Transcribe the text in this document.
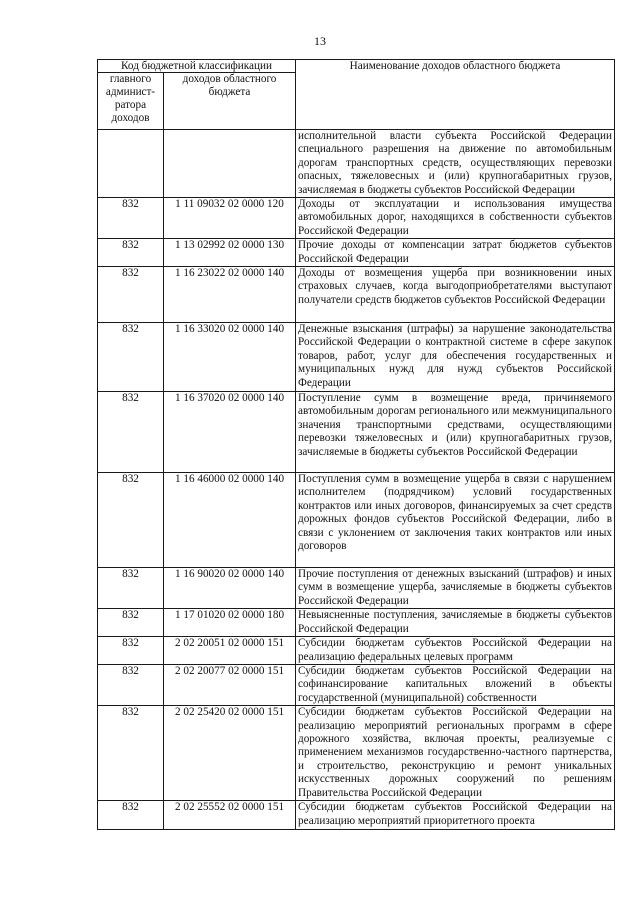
13
Код бюджетной классификации		Наименование доходов областного бюджета
главного админист-ратора доходов	доходов областного бюджета	
		исполнительной власти субъекта Российской Федерации специального разрешения на движение по автомобильным дорогам транспортных средств, осуществляющих перевозки опасных, тяжеловесных и (или) крупногабаритных грузов, зачисляемая в бюджеты субъектов Российской Федерации
832	1 11 09032 02 0000 120	Доходы от эксплуатации и использования имущества автомобильных дорог, находящихся в собственности субъектов Российской Федерации
832	1 13 02992 02 0000 130	Прочие доходы от компенсации затрат бюджетов субъектов Российской Федерации
832	1 16 23022 02 0000 140	Доходы от возмещения ущерба при возникновении иных страховых случаев, когда выгодоприобретателями выступают получатели средств бюджетов субъектов Российской Федерации
832	1 16 33020 02 0000 140	Денежные взыскания (штрафы) за нарушение законодательства Российской Федерации о контрактной системе в сфере закупок товаров, работ, услуг для обеспечения государственных и муниципальных нужд для нужд субъектов Российской Федерации
832	1 16 37020 02 0000 140	Поступление сумм в возмещение вреда, причиняемого автомобильным дорогам регионального или межмуниципального значения транспортными средствами, осуществляющими перевозки тяжеловесных и (или) крупногабаритных грузов, зачисляемые в бюджеты субъектов Российской Федерации
832	1 16 46000 02 0000 140	Поступления сумм в возмещение ущерба в связи с нарушением исполнителем (подрядчиком) условий государственных контрактов или иных договоров, финансируемых за счет средств дорожных фондов субъектов Российской Федерации, либо в связи с уклонением от заключения таких контрактов или иных договоров
832	1 16 90020 02 0000 140	Прочие поступления от денежных взысканий (штрафов) и иных сумм в возмещение ущерба, зачисляемые в бюджеты субъектов Российской Федерации
832	1 17 01020 02 0000 180	Невыясненные поступления, зачисляемые в бюджеты субъектов Российской Федерации
832	2 02 20051 02 0000 151	Субсидии бюджетам субъектов Российской Федерации на реализацию федеральных целевых программ
832	2 02 20077 02 0000 151	Субсидии бюджетам субъектов Российской Федерации на софинансирование капитальных вложений в объекты государственной (муниципальной) собственности
832	2 02 25420 02 0000 151	Субсидии бюджетам субъектов Российской Федерации на реализацию мероприятий региональных программ в сфере дорожного хозяйства, включая проекты, реализуемые с применением механизмов государственно-частного партнерства, и строительство, реконструкцию и ремонт уникальных искусственных дорожных сооружений по решениям Правительства Российской Федерации
832	2 02 25552 02 0000 151	Субсидии бюджетам субъектов Российской Федерации на реализацию мероприятий приоритетного проекта
